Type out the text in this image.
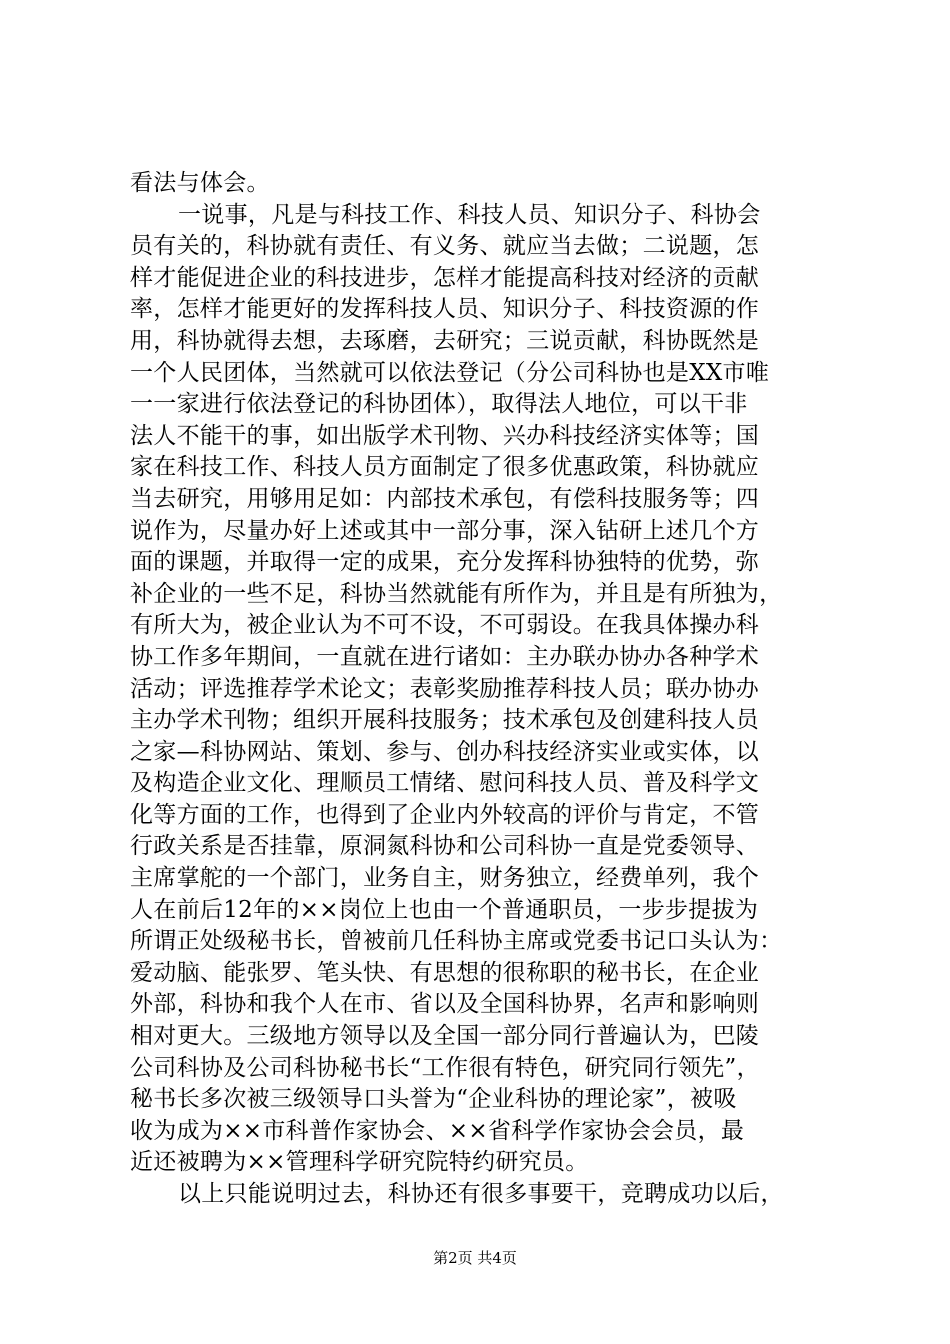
看法与体会。
一说事，凡是与科技工作、科技人员、知识分子、科协会
员有关的，科协就有责任、有义务、就应当去做；二说题，怎
样才能促进企业的科技进步，怎样才能提高科技对经济的贡献
率，怎样才能更好的发挥科技人员、知识分子、科技资源的作
用，科协就得去想，去琢磨，去研究；三说贡献，科协既然是
一个人民团体，当然就可以依法登记（分公司科协也是XX市唯
一一家进行依法登记的科协团体），取得法人地位，可以干非
法人不能干的事，如出版学术刊物、兴办科技经济实体等；国
家在科技工作、科技人员方面制定了很多优惠政策，科协就应
当去研究，用够用足如：内部技术承包，有偿科技服务等；四
说作为，尽量办好上述或其中一部分事，深入钻研上述几个方
面的课题，并取得一定的成果，充分发挥科协独特的优势，弥
补企业的一些不足，科协当然就能有所作为，并且是有所独为，
有所大为，被企业认为不可不设，不可弱设。在我具体操办科
协工作多年期间，一直就在进行诸如：主办联办协办各种学术
活动；评选推荐学术论文；表彰奖励推荐科技人员；联办协办
主办学术刊物；组织开展科技服务；技术承包及创建科技人员
之家—科协网站、策划、参与、创办科技经济实业或实体，以
及构造企业文化、理顺员工情绪、慰问科技人员、普及科学文
化等方面的工作，也得到了企业内外较高的评价与肯定，不管
行政关系是否挂靠，原洞氮科协和公司科协一直是党委领导、
主席掌舵的一个部门，业务自主，财务独立，经费单列，我个
人在前后12年的××岗位上也由一个普通职员，一步步提拔为
所谓正处级秘书长，曾被前几任科协主席或党委书记口头认为：
爱动脑、能张罗、笔头快、有思想的很称职的秘书长，在企业
外部，科协和我个人在市、省以及全国科协界，名声和影响则
相对更大。三级地方领导以及全国一部分同行普遍认为，巴陵
公司科协及公司科协秘书长“工作很有特色，研究同行领先”，
秘书长多次被三级领导口头誉为“企业科协的理论家”，被吸
收为成为××市科普作家协会、××省科学作家协会会员，最
近还被聘为××管理科学研究院特约研究员。
以上只能说明过去，科协还有很多事要干，竞聘成功以后，
第2页 共4页
